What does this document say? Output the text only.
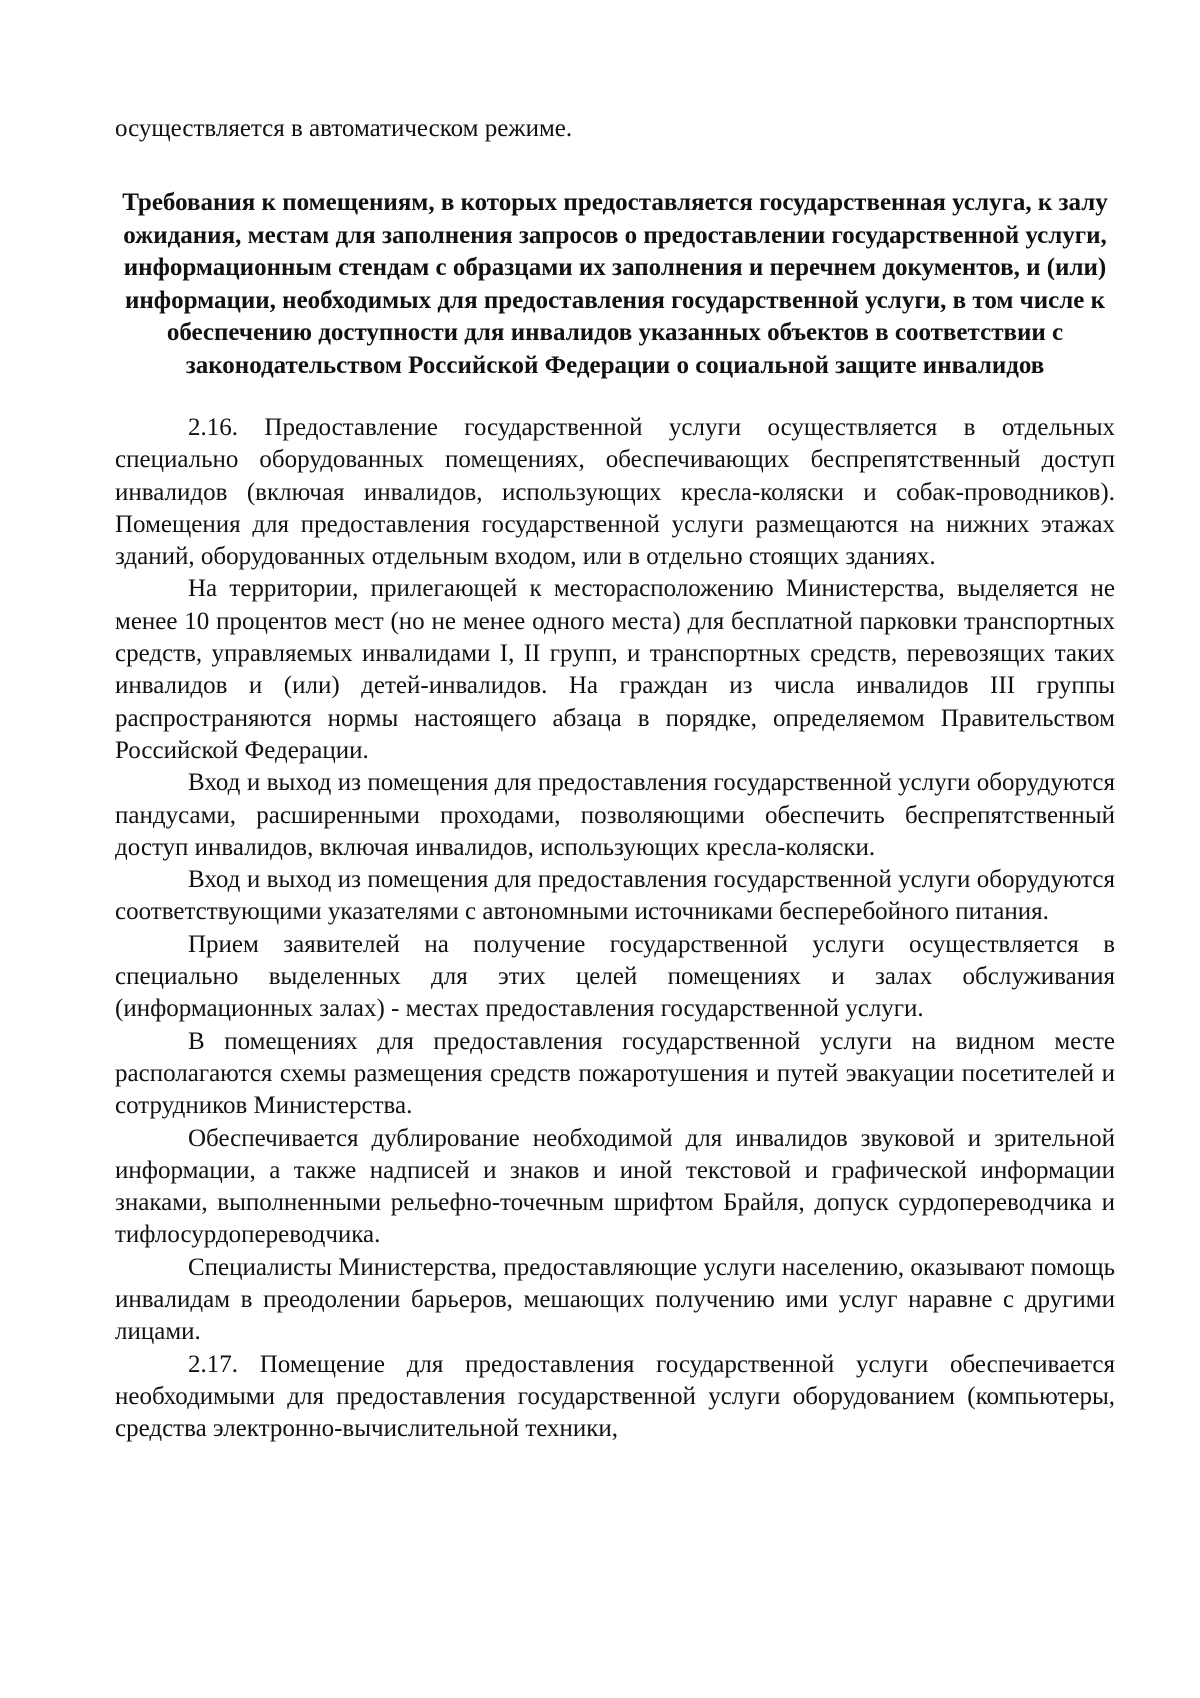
осуществляется в автоматическом режиме.

Требования к помещениям, в которых предоставляется государственная услуга, к залу ожидания, местам для заполнения запросов о предоставлении государственной услуги, информационным стендам с образцами их заполнения и перечнем документов, и (или) информации, необходимых для предоставления государственной услуги, в том числе к обеспечению доступности для инвалидов указанных объектов в соответствии с законодательством Российской Федерации о социальной защите инвалидов

2.16. Предоставление государственной услуги осуществляется в отдельных специально оборудованных помещениях, обеспечивающих беспрепятственный доступ инвалидов (включая инвалидов, использующих кресла-коляски и собак-проводников). Помещения для предоставления государственной услуги размещаются на нижних этажах зданий, оборудованных отдельным входом, или в отдельно стоящих зданиях.

На территории, прилегающей к месторасположению Министерства, выделяется не менее 10 процентов мест (но не менее одного места) для бесплатной парковки транспортных средств, управляемых инвалидами I, II групп, и транспортных средств, перевозящих таких инвалидов и (или) детей-инвалидов. На граждан из числа инвалидов III группы распространяются нормы настоящего абзаца в порядке, определяемом Правительством Российской Федерации.

Вход и выход из помещения для предоставления государственной услуги оборудуются пандусами, расширенными проходами, позволяющими обеспечить беспрепятственный доступ инвалидов, включая инвалидов, использующих кресла-коляски.

Вход и выход из помещения для предоставления государственной услуги оборудуются соответствующими указателями с автономными источниками бесперебойного питания.

Прием заявителей на получение государственной услуги осуществляется в специально выделенных для этих целей помещениях и залах обслуживания (информационных залах) - местах предоставления государственной услуги.

В помещениях для предоставления государственной услуги на видном месте располагаются схемы размещения средств пожаротушения и путей эвакуации посетителей и сотрудников Министерства.

Обеспечивается дублирование необходимой для инвалидов звуковой и зрительной информации, а также надписей и знаков и иной текстовой и графической информации знаками, выполненными рельефно-точечным шрифтом Брайля, допуск сурдопереводчика и тифлосурдопереводчика.

Специалисты Министерства, предоставляющие услуги населению, оказывают помощь инвалидам в преодолении барьеров, мешающих получению ими услуг наравне с другими лицами.

2.17. Помещение для предоставления государственной услуги обеспечивается необходимыми для предоставления государственной услуги оборудованием (компьютеры, средства электронно-вычислительной техники,
